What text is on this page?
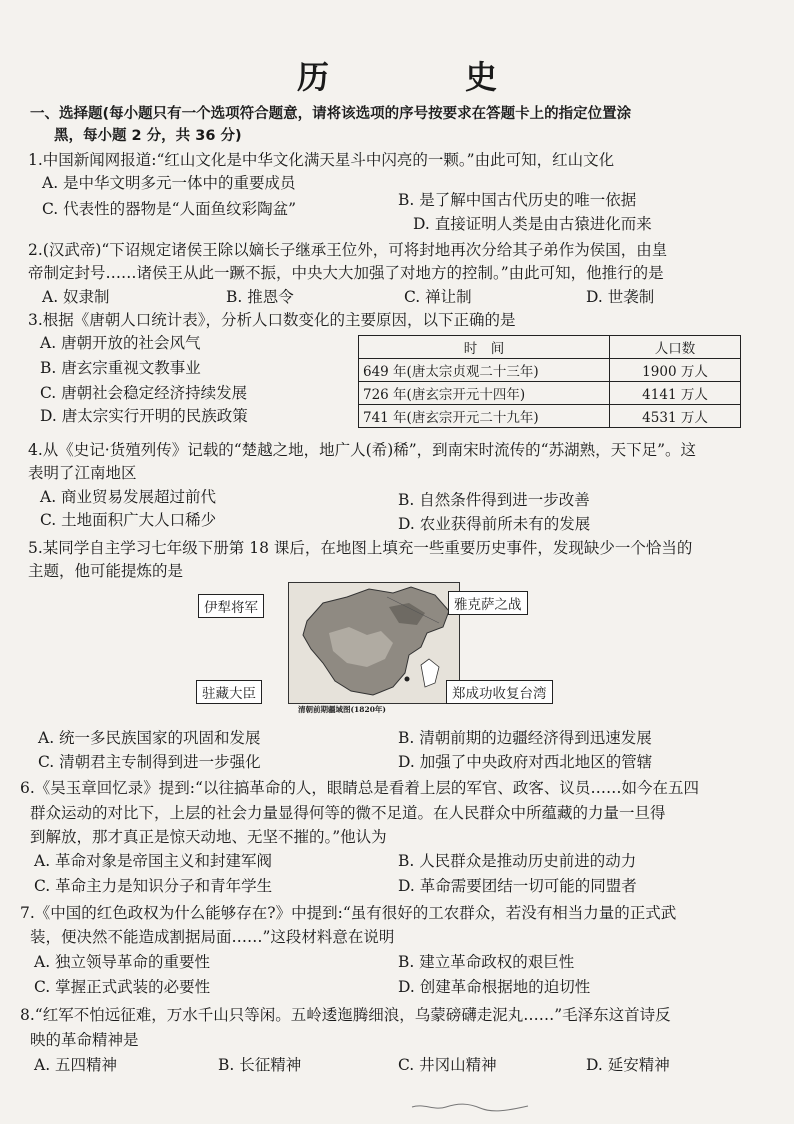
历　史
一、选择题(每小题只有一个选项符合题意，请将该选项的序号按要求在答题卡上的指定位置涂
黑，每小题 2 分，共 36 分)
1.中国新闻网报道:“红山文化是中华文化满天星斗中闪亮的一颗。”由此可知，红山文化
A. 是中华文明多元一体中的重要成员
B. 是了解中国古代历史的唯一依据
C. 代表性的器物是“人面鱼纹彩陶盆”
D. 直接证明人类是由古猿进化而来
2.(汉武帝)“下诏规定诸侯王除以嫡长子继承王位外，可将封地再次分给其子弟作为侯国，由皇
帝制定封号……诸侯王从此一蹶不振，中央大大加强了对地方的控制。”由此可知，他推行的是
A. 奴隶制	B. 推恩令	C. 禅让制	D. 世袭制
3.根据《唐朝人口统计表》，分析人口数变化的主要原因，以下正确的是
A. 唐朝开放的社会风气
B. 唐玄宗重视文教事业
C. 唐朝社会稳定经济持续发展
D. 唐太宗实行开明的民族政策
时　间	人口数
649 年(唐太宗贞观二十三年)	1900 万人
726 年(唐玄宗开元十四年)	4141 万人
741 年(唐玄宗开元二十九年)	4531 万人
4.从《史记·货殖列传》记载的“楚越之地，地广人(希)稀”，到南宋时流传的“苏湖熟，天下足”。这
表明了江南地区
A. 商业贸易发展超过前代	B. 自然条件得到进一步改善
C. 土地面积广大人口稀少	D. 农业获得前所未有的发展
5.某同学自主学习七年级下册第 18 课后，在地图上填充一些重要历史事件，发现缺少一个恰当的
主题，他可能提炼的是
伊犁将军	雅克萨之战
驻藏大臣	郑成功收复台湾
清朝前期疆域图(1820年)
A. 统一多民族国家的巩固和发展	B. 清朝前期的边疆经济得到迅速发展
C. 清朝君主专制得到进一步强化	D. 加强了中央政府对西北地区的管辖
6.《吴玉章回忆录》提到:“以往搞革命的人，眼睛总是看着上层的军官、政客、议员……如今在五四
群众运动的对比下，上层的社会力量显得何等的微不足道。在人民群众中所蕴藏的力量一旦得
到解放，那才真正是惊天动地、无坚不摧的。”他认为
A. 革命对象是帝国主义和封建军阀	B. 人民群众是推动历史前进的动力
C. 革命主力是知识分子和青年学生	D. 革命需要团结一切可能的同盟者
7.《中国的红色政权为什么能够存在?》中提到:“虽有很好的工农群众，若没有相当力量的正式武
装，便决然不能造成割据局面……”这段材料意在说明
A. 独立领导革命的重要性	B. 建立革命政权的艰巨性
C. 掌握正式武装的必要性	D. 创建革命根据地的迫切性
8.“红军不怕远征难，万水千山只等闲。五岭逶迤腾细浪，乌蒙磅礴走泥丸……”毛泽东这首诗反
映的革命精神是
A. 五四精神	B. 长征精神	C. 井冈山精神	D. 延安精神
